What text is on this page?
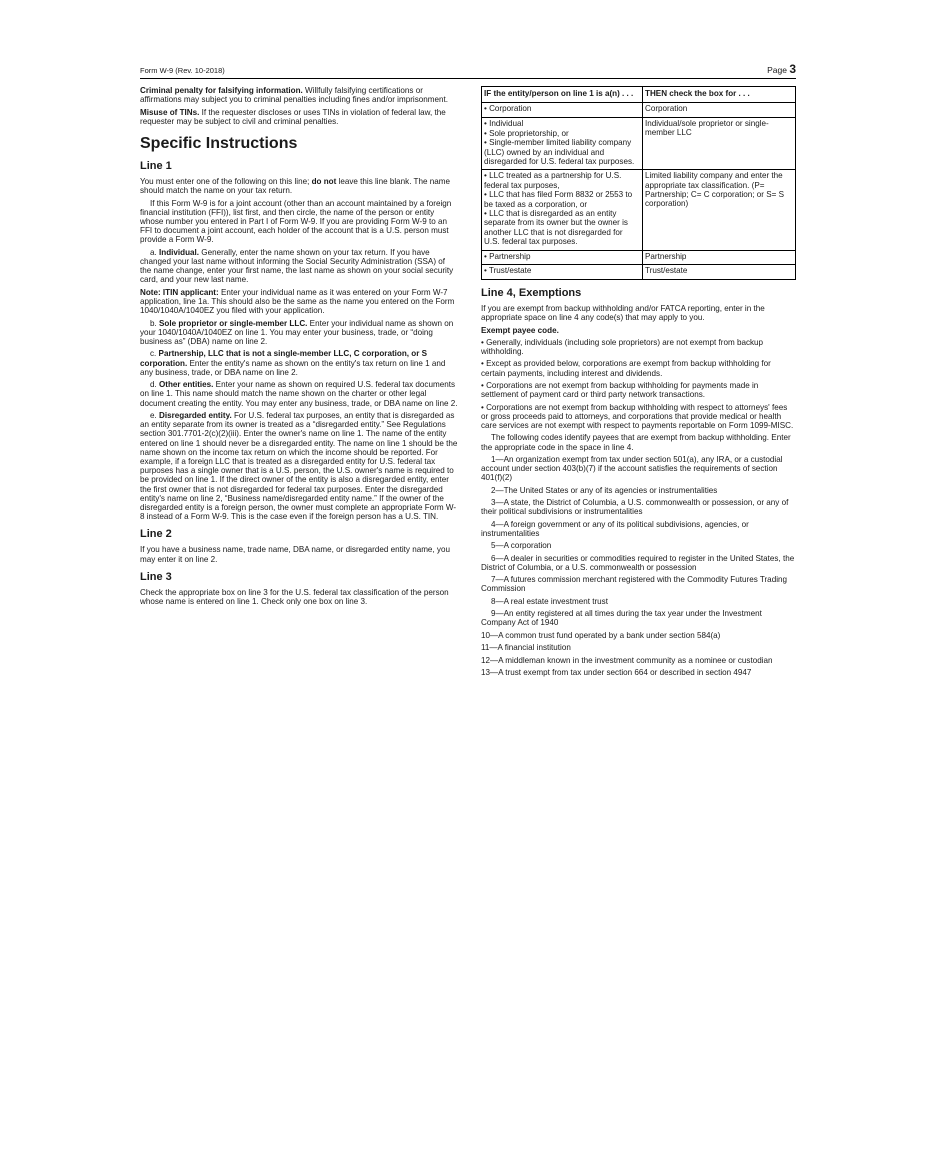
Form W-9 (Rev. 10-2018)	Page 3

Criminal penalty for falsifying information. Willfully falsifying certifications or affirmations may subject you to criminal penalties including fines and/or imprisonment.

Misuse of TINs. If the requester discloses or uses TINs in violation of federal law, the requester may be subject to civil and criminal penalties.

Specific Instructions
Line 1

You must enter one of the following on this line; do not leave this line blank. The name should match the name on your tax return.

If this Form W-9 is for a joint account (other than an account maintained by a foreign financial institution (FFI)), list first, and then circle, the name of the person or entity whose number you entered in Part I of Form W-9. If you are providing Form W-9 to an FFI to document a joint account, each holder of the account that is a U.S. person must provide a Form W-9.

a. Individual. Generally, enter the name shown on your tax return. If you have changed your last name without informing the Social Security Administration (SSA) of the name change, enter your first name, the last name as shown on your social security card, and your new last name.

Note: ITIN applicant: Enter your individual name as it was entered on your Form W-7 application, line 1a. This should also be the same as the name you entered on the Form 1040/1040A/1040EZ you filed with your application.

b. Sole proprietor or single-member LLC. Enter your individual name as shown on your 1040/1040A/1040EZ on line 1. You may enter your business, trade, or “doing business as” (DBA) name on line 2.

c. Partnership, LLC that is not a single-member LLC, C corporation, or S corporation. Enter the entity's name as shown on the entity's tax return on line 1 and any business, trade, or DBA name on line 2.

d. Other entities. Enter your name as shown on required U.S. federal tax documents on line 1. This name should match the name shown on the charter or other legal document creating the entity. You may enter any business, trade, or DBA name on line 2.

e. Disregarded entity. For U.S. federal tax purposes, an entity that is disregarded as an entity separate from its owner is treated as a “disregarded entity.” See Regulations section 301.7701-2(c)(2)(iii). Enter the owner's name on line 1. The name of the entity entered on line 1 should never be a disregarded entity. The name on line 1 should be the name shown on the income tax return on which the income should be reported. For example, if a foreign LLC that is treated as a disregarded entity for U.S. federal tax purposes has a single owner that is a U.S. person, the U.S. owner's name is required to be provided on line 1. If the direct owner of the entity is also a disregarded entity, enter the first owner that is not disregarded for federal tax purposes. Enter the disregarded entity's name on line 2, “Business name/disregarded entity name.” If the owner of the disregarded entity is a foreign person, the owner must complete an appropriate Form W-8 instead of a Form W-9. This is the case even if the foreign person has a U.S. TIN.

Line 2

If you have a business name, trade name, DBA name, or disregarded entity name, you may enter it on line 2.

Line 3

Check the appropriate box on line 3 for the U.S. federal tax classification of the person whose name is entered on line 1. Check only one box on line 3.

IF the entity/person on line 1 is a(n) . . .	THEN check the box for . . .

• Corporation	Corporation

• Individual
• Sole proprietorship, or
• Single-member limited liability company (LLC) owned by an individual and disregarded for U.S. federal tax purposes.	Individual/sole proprietor or single-member LLC

• LLC treated as a partnership for U.S. federal tax purposes,
• LLC that has filed Form 8832 or 2553 to be taxed as a corporation, or
• LLC that is disregarded as an entity separate from its owner but the owner is another LLC that is not disregarded for U.S. federal tax purposes.	Limited liability company and enter the appropriate tax classification. (P= Partnership; C= C corporation; or S= S corporation)

• Partnership	Partnership

• Trust/estate	Trust/estate
Line 4, Exemptions

If you are exempt from backup withholding and/or FATCA reporting, enter in the appropriate space on line 4 any code(s) that may apply to you.

Exempt payee code.

• Generally, individuals (including sole proprietors) are not exempt from backup withholding.

• Except as provided below, corporations are exempt from backup withholding for certain payments, including interest and dividends.

• Corporations are not exempt from backup withholding for payments made in settlement of payment card or third party network transactions.

• Corporations are not exempt from backup withholding with respect to attorneys' fees or gross proceeds paid to attorneys, and corporations that provide medical or health care services are not exempt with respect to payments reportable on Form 1099-MISC.

The following codes identify payees that are exempt from backup withholding. Enter the appropriate code in the space in line 4.

1—An organization exempt from tax under section 501(a), any IRA, or a custodial account under section 403(b)(7) if the account satisfies the requirements of section 401(f)(2)

2—The United States or any of its agencies or instrumentalities

3—A state, the District of Columbia, a U.S. commonwealth or possession, or any of their political subdivisions or instrumentalities

4—A foreign government or any of its political subdivisions, agencies, or instrumentalities

5—A corporation

6—A dealer in securities or commodities required to register in the United States, the District of Columbia, or a U.S. commonwealth or possession

7—A futures commission merchant registered with the Commodity Futures Trading Commission

8—A real estate investment trust

9—An entity registered at all times during the tax year under the Investment Company Act of 1940

10—A common trust fund operated by a bank under section 584(a)

11—A financial institution

12—A middleman known in the investment community as a nominee or custodian

13—A trust exempt from tax under section 664 or described in section 4947
